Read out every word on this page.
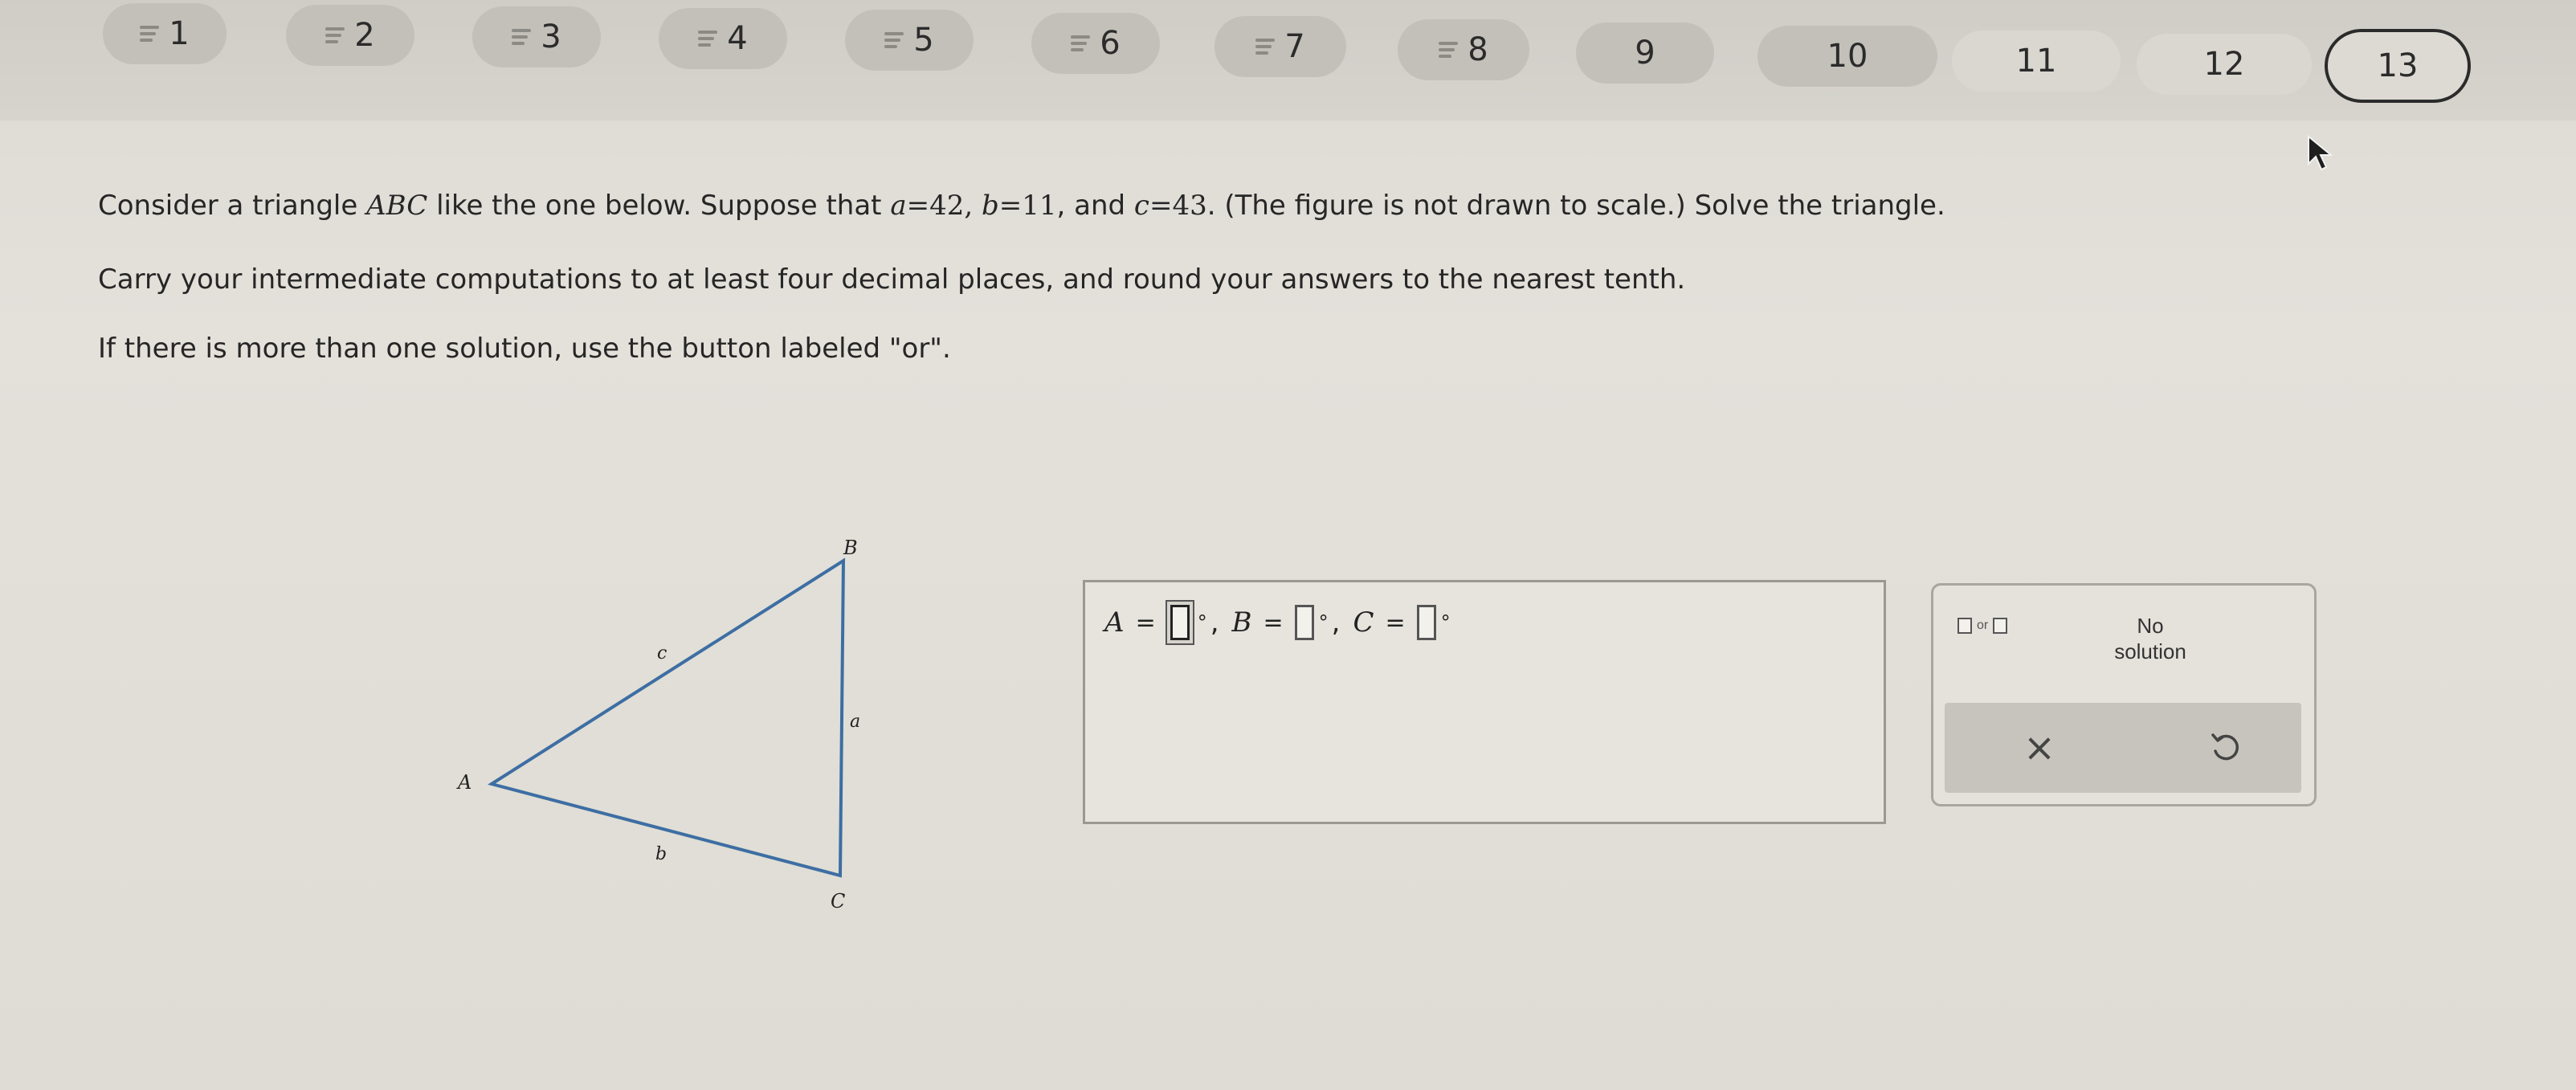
1	2	3	4	5	6	7	8	9	10	11	12	13
Consider a triangle ABC like the one below. Suppose that a=42, b=11, and c=43. (The figure is not drawn to scale.) Solve the triangle.
Carry your intermediate computations to at least four decimal places, and round your answers to the nearest tenth.
If there is more than one solution, use the button labeled "or".
B
A
C
a
b
c
A = ° , B = ° , C = °	or	No
solution
×
